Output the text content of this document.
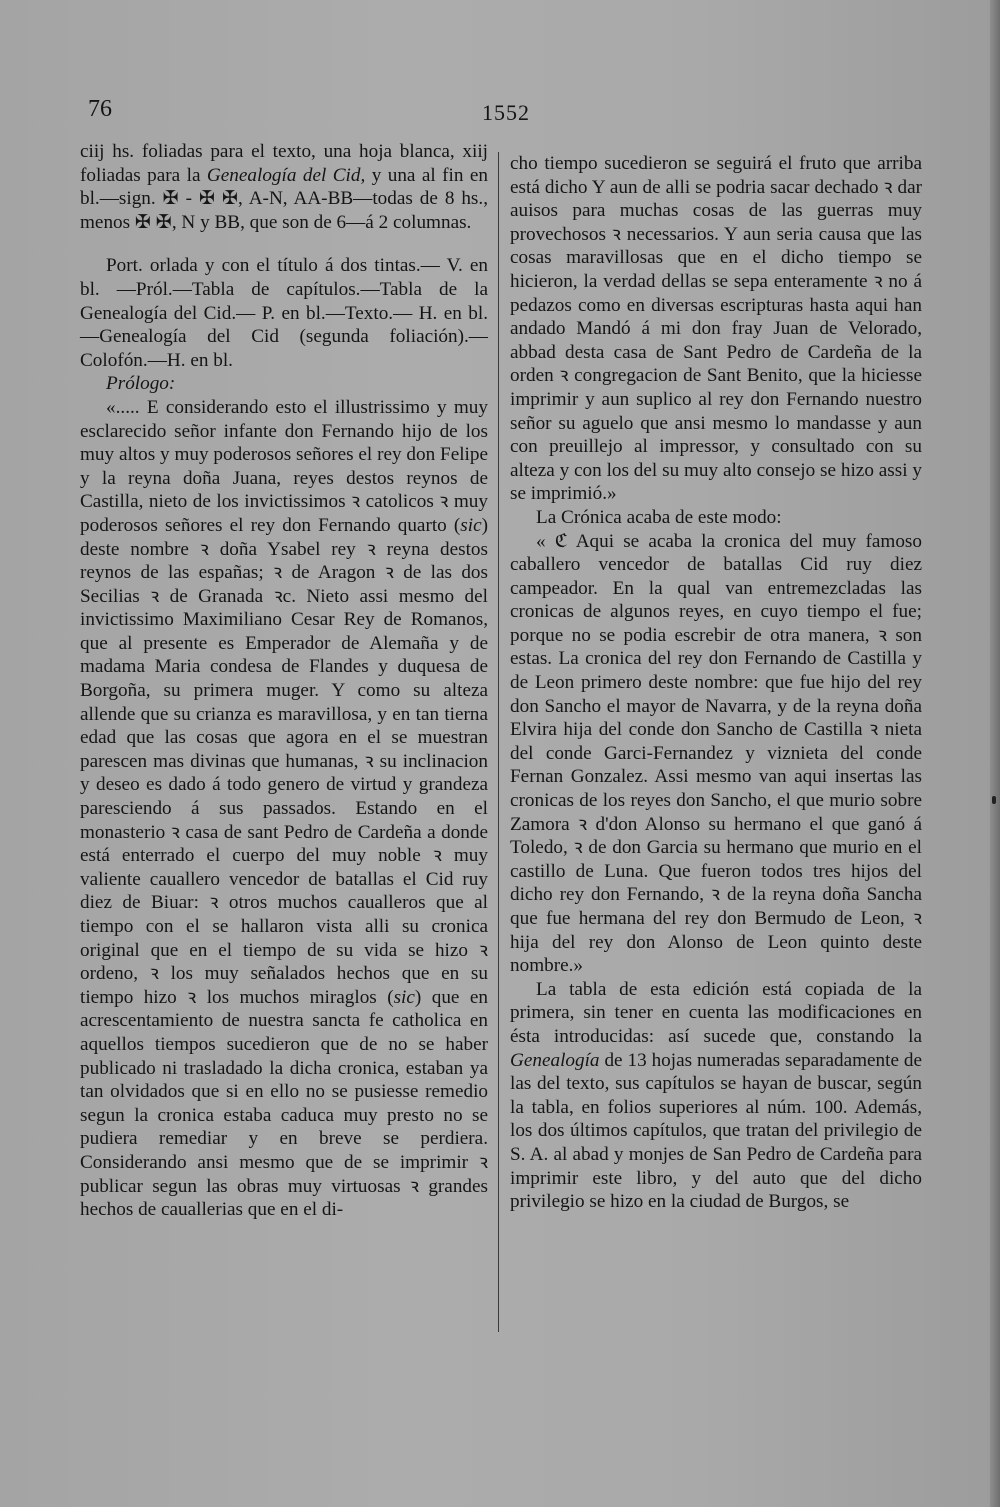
76	1552

ciij hs. foliadas para el texto, una hoja blanca, xiij foliadas para la Genealogía del Cid, y una al fin en bl.—sign. ✠ - ✠ ✠, A-N, AA-BB—todas de 8 hs., menos ✠ ✠, N y BB, que son de 6—á 2 columnas.

Port. orlada y con el título á dos tintas.— V. en bl. —Pról.—Tabla de capítulos.—Tabla de la Genealogía del Cid.— P. en bl.—Texto.— H. en bl.—Genealogía del Cid (segunda foliación).— Colofón.—H. en bl.

Prólogo:

«..... E considerando esto el illustrissimo y muy esclarecido señor infante don Fernando hijo de los muy altos y muy poderosos señores el rey don Felipe y la reyna doña Juana, reyes destos reynos de Castilla, nieto de los invictissimos ꝛ catolicos ꝛ muy poderosos señores el rey don Fernando quarto (sic) deste nombre ꝛ doña Ysabel rey ꝛ reyna destos reynos de las españas; ꝛ de Aragon ꝛ de las dos Secilias ꝛ de Granada ꝛc. Nieto assi mesmo del invictissimo Maximiliano Cesar Rey de Romanos, que al presente es Emperador de Alemaña y de madama Maria condesa de Flandes y duquesa de Borgoña, su primera muger. Y como su alteza allende que su crianza es maravillosa, y en tan tierna edad que las cosas que agora en el se muestran parescen mas divinas que humanas, ꝛ su inclinacion y deseo es dado á todo genero de virtud y grandeza paresciendo á sus passados. Estando en el monasterio ꝛ casa de sant Pedro de Cardeña a donde está enterrado el cuerpo del muy noble ꝛ muy valiente cauallero vencedor de batallas el Cid ruy diez de Biuar: ꝛ otros muchos caualleros que al tiempo con el se hallaron vista alli su cronica original que en el tiempo de su vida se hizo ꝛ ordeno, ꝛ los muy señalados hechos que en su tiempo hizo ꝛ los muchos miraglos (sic) que en acrescentamiento de nuestra sancta fe catholica en aquellos tiempos sucedieron que de no se haber publicado ni trasladado la dicha cronica, estaban ya tan olvidados que si en ello no se pusiesse remedio segun la cronica estaba caduca muy presto no se pudiera remediar y en breve se perdiera. Considerando ansi mesmo que de se imprimir ꝛ publicar segun las obras muy virtuosas ꝛ grandes hechos de cauallerias que en el di-

cho tiempo sucedieron se seguirá el fruto que arriba está dicho Y aun de alli se podria sacar dechado ꝛ dar auisos para muchas cosas de las guerras muy provechosos ꝛ necessarios. Y aun seria causa que las cosas maravillosas que en el dicho tiempo se hicieron, la verdad dellas se sepa enteramente ꝛ no á pedazos como en diversas escripturas hasta aqui han andado Mandó á mi don fray Juan de Velorado, abbad desta casa de Sant Pedro de Cardeña de la orden ꝛ congregacion de Sant Benito, que la hiciesse imprimir y aun suplico al rey don Fernando nuestro señor su aguelo que ansi mesmo lo mandasse y aun con preuillejo al impressor, y consultado con su alteza y con los del su muy alto consejo se hizo assi y se imprimió.»

La Crónica acaba de este modo:

« ℭ Aqui se acaba la cronica del muy famoso caballero vencedor de batallas Cid ruy diez campeador. En la qual van entremezcladas las cronicas de algunos reyes, en cuyo tiempo el fue; porque no se podia escrebir de otra manera, ꝛ son estas. La cronica del rey don Fernando de Castilla y de Leon primero deste nombre: que fue hijo del rey don Sancho el mayor de Navarra, y de la reyna doña Elvira hija del conde don Sancho de Castilla ꝛ nieta del conde Garci-Fernandez y viznieta del conde Fernan Gonzalez. Assi mesmo van aqui insertas las cronicas de los reyes don Sancho, el que murio sobre Zamora ꝛ d'don Alonso su hermano el que ganó á Toledo, ꝛ de don Garcia su hermano que murio en el castillo de Luna. Que fueron todos tres hijos del dicho rey don Fernando, ꝛ de la reyna doña Sancha que fue hermana del rey don Bermudo de Leon, ꝛ hija del rey don Alonso de Leon quinto deste nombre.»

La tabla de esta edición está copiada de la primera, sin tener en cuenta las modificaciones en ésta introducidas: así sucede que, constando la Genealogía de 13 hojas numeradas separadamente de las del texto, sus capítulos se hayan de buscar, según la tabla, en folios superiores al núm. 100. Además, los dos últimos capítulos, que tratan del privilegio de S. A. al abad y monjes de San Pedro de Cardeña para imprimir este libro, y del auto que del dicho privilegio se hizo en la ciudad de Burgos, se
